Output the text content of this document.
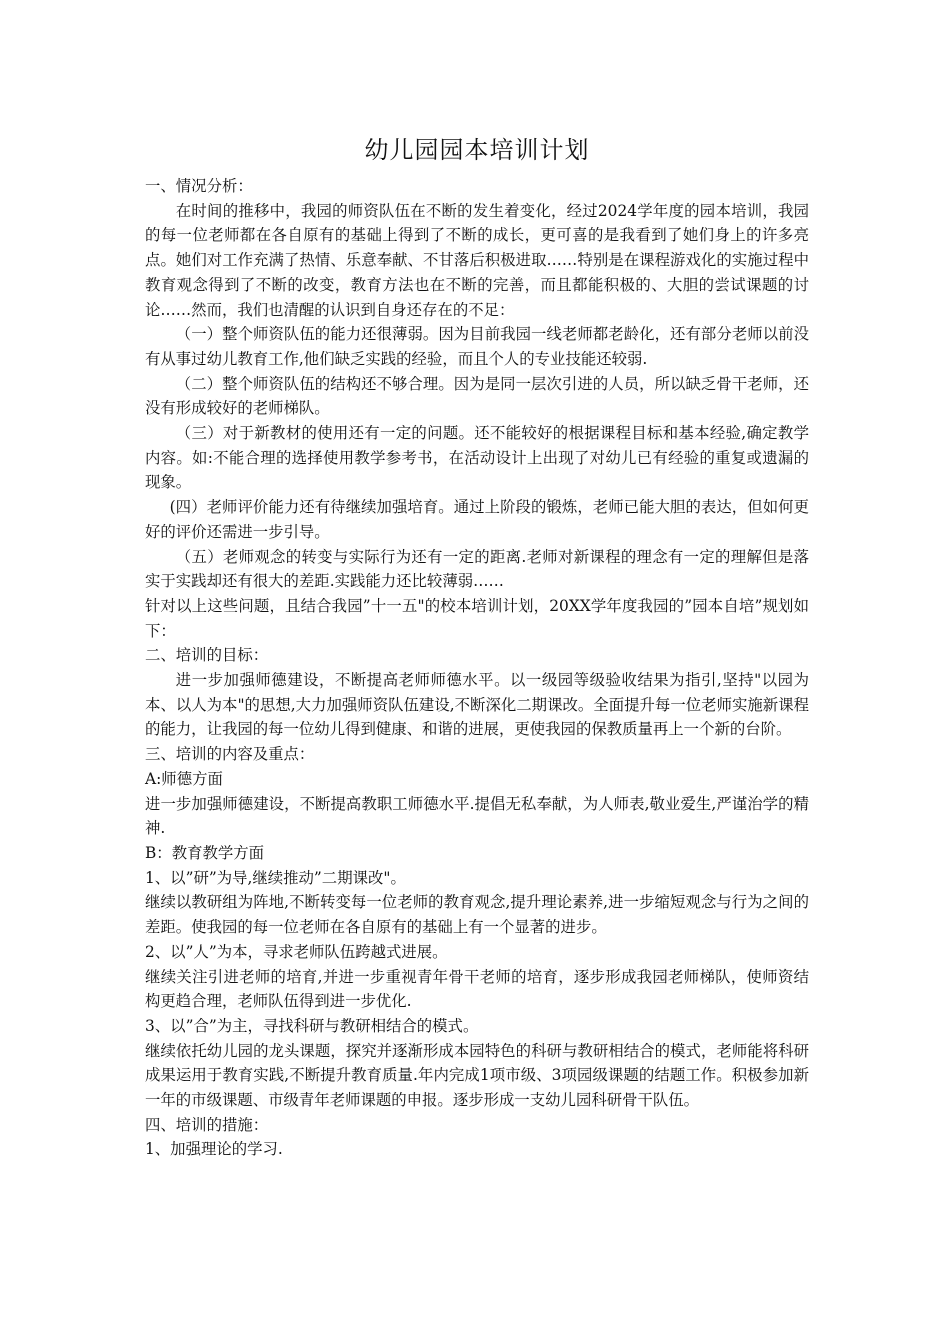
幼儿园园本培训计划

一、情况分析：

在时间的推移中，我园的师资队伍在不断的发生着变化，经过2024学年度的园本培训，我园的每一位老师都在各自原有的基础上得到了不断的成长，更可喜的是我看到了她们身上的许多亮点。她们对工作充满了热情、乐意奉献、不甘落后积极进取……特别是在课程游戏化的实施过程中教育观念得到了不断的改变，教育方法也在不断的完善，而且都能积极的、大胆的尝试课题的讨论……然而，我们也清醒的认识到自身还存在的不足：

（一）整个师资队伍的能力还很薄弱。因为目前我园一线老师都老龄化，还有部分老师以前没有从事过幼儿教育工作,他们缺乏实践的经验，而且个人的专业技能还较弱.

（二）整个师资队伍的结构还不够合理。因为是同一层次引进的人员，所以缺乏骨干老师，还没有形成较好的老师梯队。

（三）对于新教材的使用还有一定的问题。还不能较好的根据课程目标和基本经验,确定教学内容。如:不能合理的选择使用教学参考书，在活动设计上出现了对幼儿已有经验的重复或遗漏的现象。

(四）老师评价能力还有待继续加强培育。通过上阶段的锻炼，老师已能大胆的表达，但如何更好的评价还需进一步引导。

（五）老师观念的转变与实际行为还有一定的距离.老师对新课程的理念有一定的理解但是落实于实践却还有很大的差距.实践能力还比较薄弱……

针对以上这些问题，且结合我园”十一五"的校本培训计划，20XX学年度我园的”园本自培”规划如下：

二、培训的目标：

进一步加强师德建设，不断提高老师师德水平。以一级园等级验收结果为指引,坚持"以园为本、以人为本"的思想,大力加强师资队伍建设,不断深化二期课改。全面提升每一位老师实施新课程的能力，让我园的每一位幼儿得到健康、和谐的进展，更使我园的保教质量再上一个新的台阶。

三、培训的内容及重点：

A:师德方面

进一步加强师德建设，不断提高教职工师德水平.提倡无私奉献，为人师表,敬业爱生,严谨治学的精神.

B：教育教学方面

1、以”研”为导,继续推动”二期课改"。

继续以教研组为阵地,不断转变每一位老师的教育观念,提升理论素养,进一步缩短观念与行为之间的差距。使我园的每一位老师在各自原有的基础上有一个显著的进步。

2、以”人”为本，寻求老师队伍跨越式进展。

继续关注引进老师的培育,并进一步重视青年骨干老师的培育，逐步形成我园老师梯队，使师资结构更趋合理，老师队伍得到进一步优化.

3、以”合”为主，寻找科研与教研相结合的模式。

继续依托幼儿园的龙头课题，探究并逐渐形成本园特色的科研与教研相结合的模式，老师能将科研成果运用于教育实践,不断提升教育质量.年内完成1项市级、3项园级课题的结题工作。积极参加新一年的市级课题、市级青年老师课题的申报。逐步形成一支幼儿园科研骨干队伍。

四、培训的措施：

1、加强理论的学习.
